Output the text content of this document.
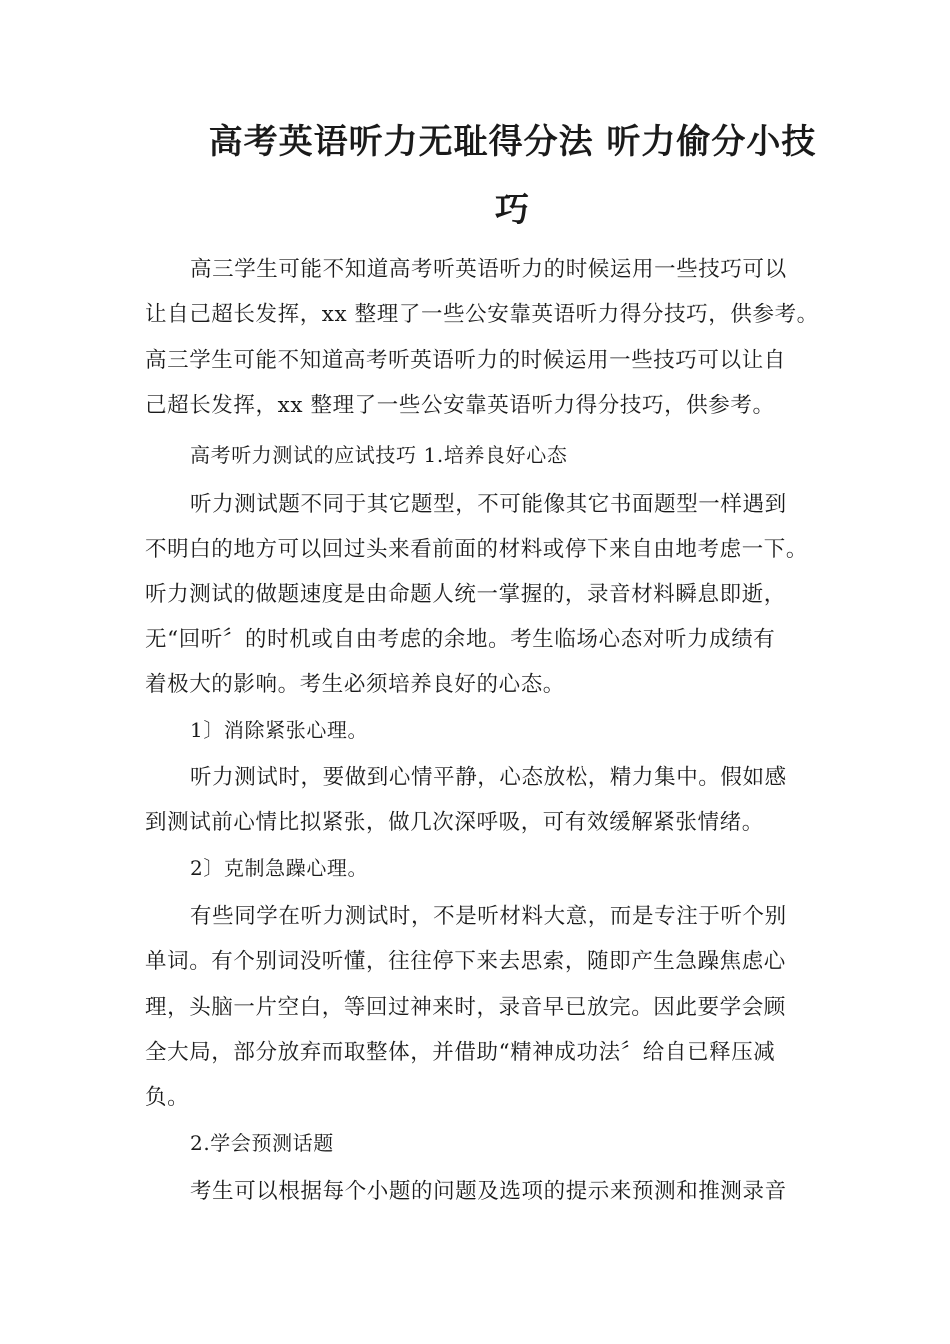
高考英语听力无耻得分法 听力偷分小技
巧
高三学生可能不知道高考听英语听力的时候运用一些技巧可以
让自己超长发挥，xx 整理了一些公安靠英语听力得分技巧，供参考。
高三学生可能不知道高考听英语听力的时候运用一些技巧可以让自
己超长发挥，xx 整理了一些公安靠英语听力得分技巧，供参考。
高考听力测试的应试技巧 1.培养良好心态
听力测试题不同于其它题型，不可能像其它书面题型一样遇到
不明白的地方可以回过头来看前面的材料或停下来自由地考虑一下。
听力测试的做题速度是由命题人统一掌握的，录音材料瞬息即逝，
无“回听〞的时机或自由考虑的余地。考生临场心态对听力成绩有
着极大的影响。考生必须培养良好的心态。
1〕消除紧张心理。
听力测试时，要做到心情平静，心态放松，精力集中。假如感
到测试前心情比拟紧张，做几次深呼吸，可有效缓解紧张情绪。
2〕克制急躁心理。
有些同学在听力测试时，不是听材料大意，而是专注于听个别
单词。有个别词没听懂，往往停下来去思索，随即产生急躁焦虑心
理，头脑一片空白，等回过神来时，录音早已放完。因此要学会顾
全大局，部分放弃而取整体，并借助“精神成功法〞给自已释压减
负。
2.学会预测话题
考生可以根据每个小题的问题及选项的提示来预测和推测录音
